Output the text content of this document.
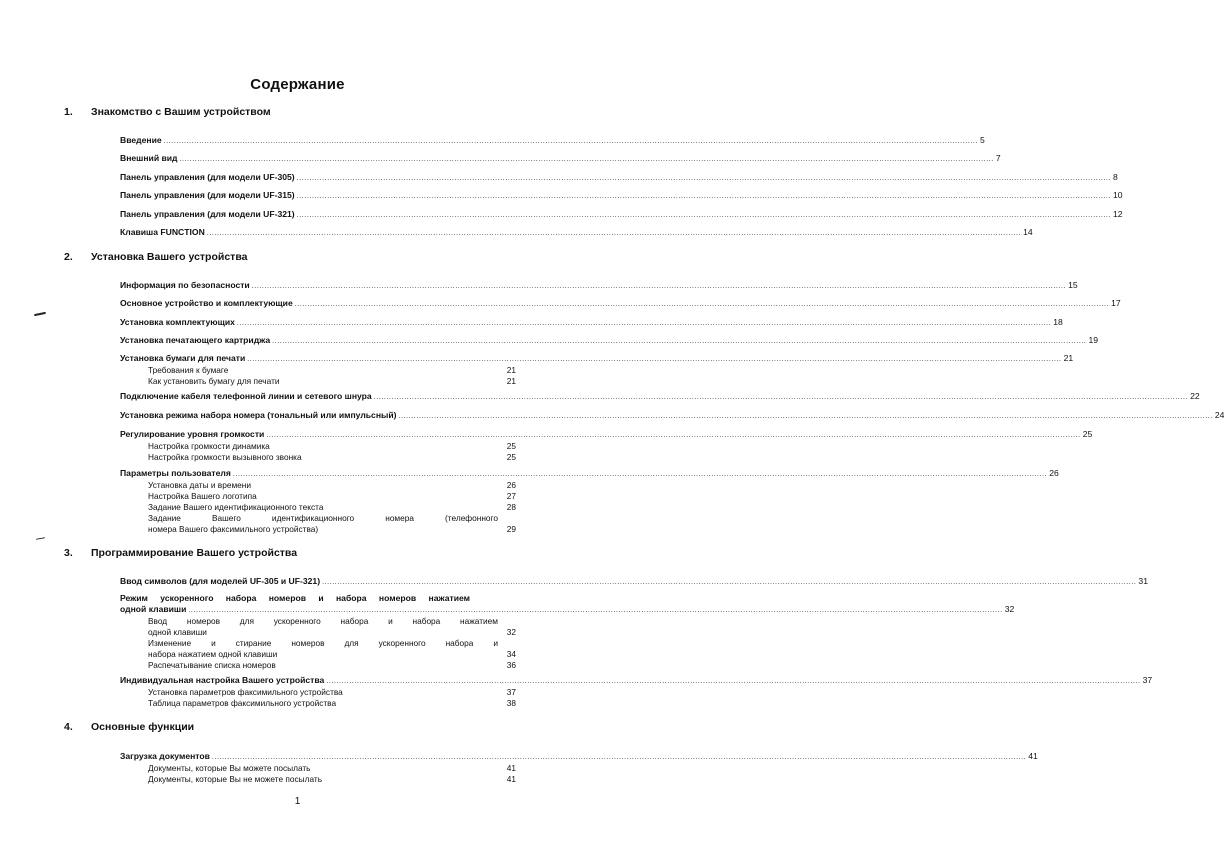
Содержание
1. Знакомство с Вашим устройством
Введение ................................................................................................................................................................................................................................................................................................................................ 5
Внешний вид ................................................................................................................................................................................................................................................................................................................................ 7
Панель управления (для модели UF-305) ................................................................................................................................................................................................................................................................................................................................ 8
Панель управления (для модели UF-315) ................................................................................................................................................................................................................................................................................................................................ 10
Панель управления (для модели UF-321) ................................................................................................................................................................................................................................................................................................................................ 12
Клавиша FUNCTION ................................................................................................................................................................................................................................................................................................................................ 14
2. Установка Вашего устройства
Информация по безопасности ................................................................................................................................................................................................................................................................................................................................ 15
Основное устройство и комплектующие ................................................................................................................................................................................................................................................................................................................................ 17
Установка комплектующих ................................................................................................................................................................................................................................................................................................................................ 18
Установка печатающего картриджа ................................................................................................................................................................................................................................................................................................................................ 19
Установка бумаги для печати ................................................................................................................................................................................................................................................................................................................................ 21
Требования к бумаге	21
Как установить бумагу для печати	21
Подключение кабеля телефонной линии и сетевого шнура ................................................................................................................................................................................................................................................................................................................................ 22
Установка режима набора номера (тональный или импульсный) ................................................................................................................................................................................................................................................................................................................................ 24
Регулирование уровня громкости ................................................................................................................................................................................................................................................................................................................................ 25
Настройка громкости динамика	25
Настройка громкости вызывного звонка	25
Параметры пользователя ................................................................................................................................................................................................................................................................................................................................ 26
Установка даты и времени	26
Настройка Вашего логотипа	27
Задание Вашего идентификационного текста	28
Задание Вашего идентификационного номера (телефонного
номера Вашего факсимильного устройства)	29
3. Программирование Вашего устройства
Ввод символов (для моделей UF-305 и UF-321) ................................................................................................................................................................................................................................................................................................................................ 31
Режим ускоренного набора номеров и набора номеров нажатием
одной клавиши ................................................................................................................................................................................................................................................................................................................................ 32
Ввод номеров для ускоренного набора и набора нажатием
одной клавиши	32
Изменение и стирание номеров для ускоренного набора и
набора нажатием одной клавиши	34
Распечатывание списка номеров	36
Индивидуальная настройка Вашего устройства ................................................................................................................................................................................................................................................................................................................................ 37
Установка параметров факсимильного устройства	37
Таблица параметров факсимильного устройства	38
4. Основные функции
Загрузка документов ................................................................................................................................................................................................................................................................................................................................ 41
Документы, которые Вы можете посылать	41
Документы, которые Вы не можете посылать	41
1
